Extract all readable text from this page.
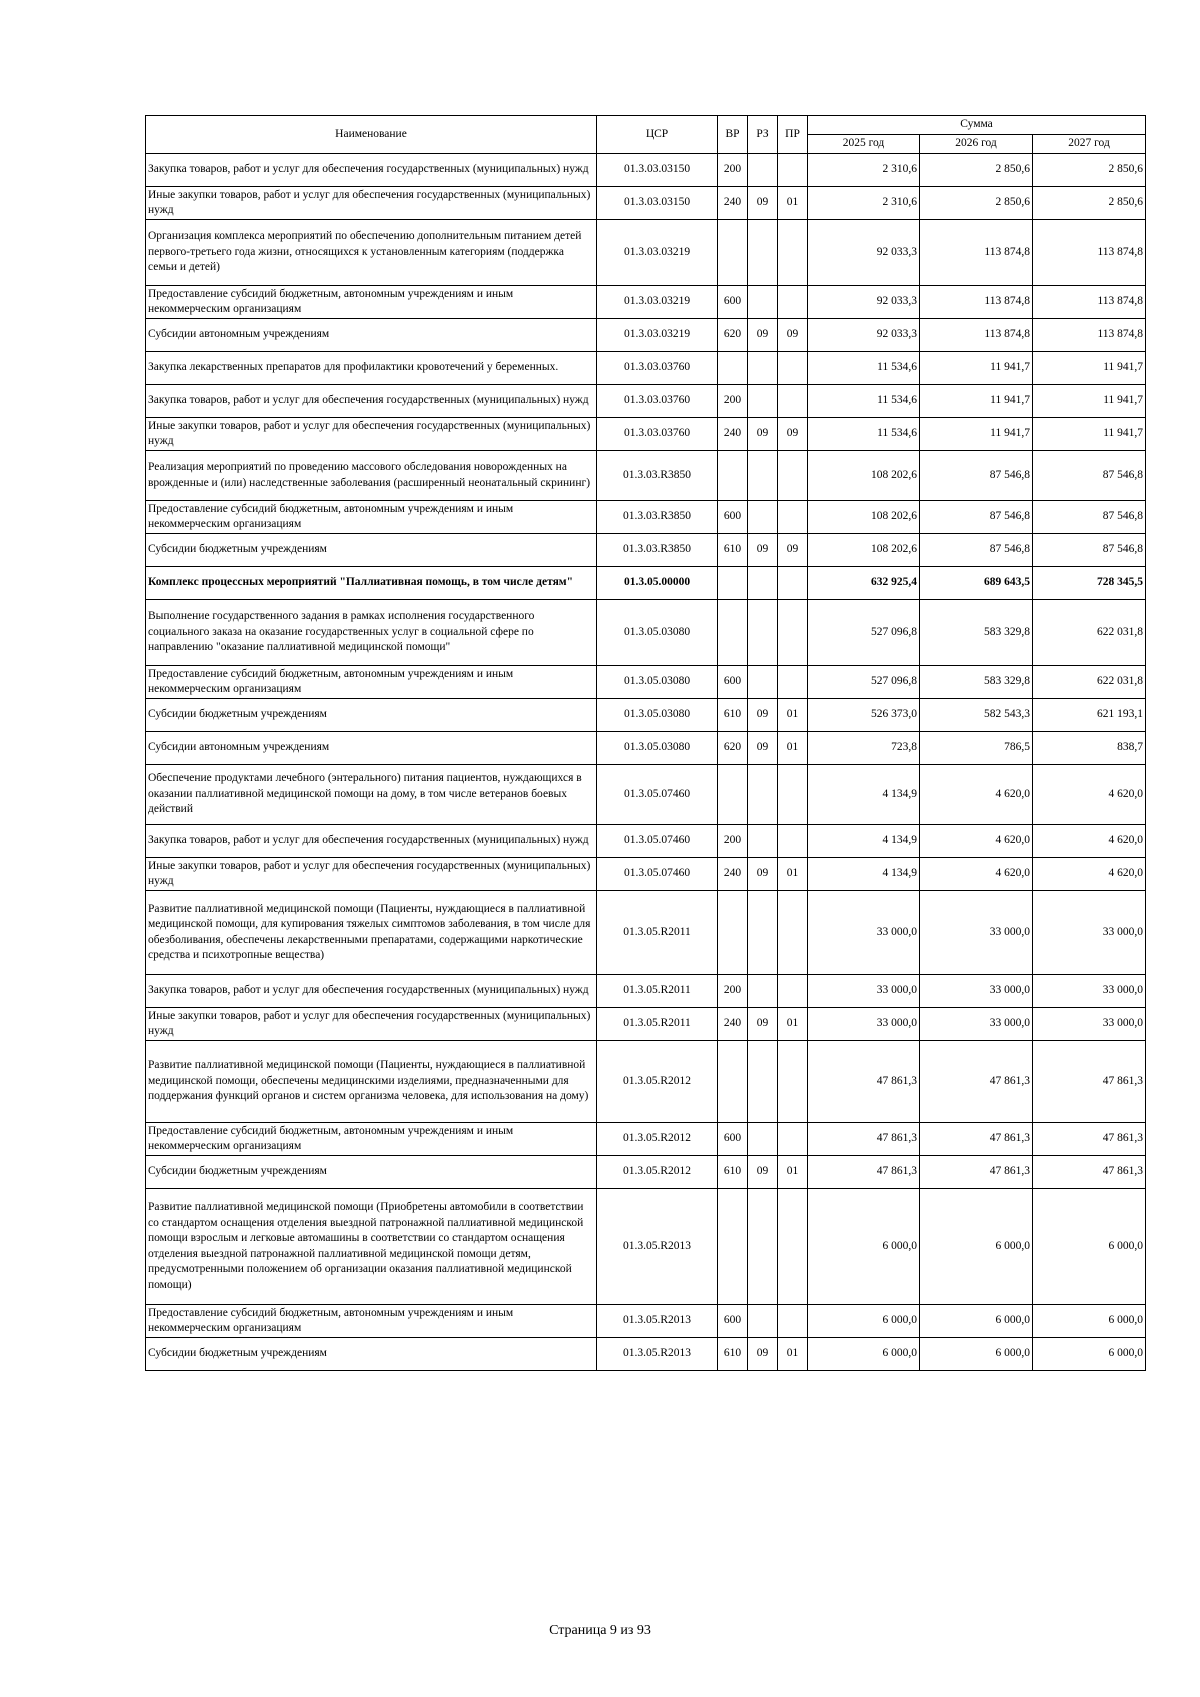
Наименование	ЦСР	ВР	РЗ	ПР	Сумма		
					2025 год	2026 год	2027 год
Закупка товаров, работ и услуг для обеспечения государственных (муниципальных) нужд	01.3.03.03150	200			2 310,6	2 850,6	2 850,6
Иные закупки товаров, работ и услуг для обеспечения государственных (муниципальных) нужд	01.3.03.03150	240	09	01	2 310,6	2 850,6	2 850,6
Организация комплекса мероприятий по обеспечению дополнительным питанием детей первого-третьего года жизни, относящихся к установленным категориям (поддержка семьи и детей)	01.3.03.03219				92 033,3	113 874,8	113 874,8
Предоставление субсидий бюджетным, автономным учреждениям и иным некоммерческим организациям	01.3.03.03219	600			92 033,3	113 874,8	113 874,8
Субсидии автономным учреждениям	01.3.03.03219	620	09	09	92 033,3	113 874,8	113 874,8
Закупка лекарственных препаратов для профилактики кровотечений у беременных.	01.3.03.03760				11 534,6	11 941,7	11 941,7
Закупка товаров, работ и услуг для обеспечения государственных (муниципальных) нужд	01.3.03.03760	200			11 534,6	11 941,7	11 941,7
Иные закупки товаров, работ и услуг для обеспечения государственных (муниципальных) нужд	01.3.03.03760	240	09	09	11 534,6	11 941,7	11 941,7
Реализация мероприятий по проведению массового обследования новорожденных на врожденные и (или) наследственные заболевания (расширенный неонатальный скрининг)	01.3.03.R3850				108 202,6	87 546,8	87 546,8
Предоставление субсидий бюджетным, автономным учреждениям и иным некоммерческим организациям	01.3.03.R3850	600			108 202,6	87 546,8	87 546,8
Субсидии бюджетным учреждениям	01.3.03.R3850	610	09	09	108 202,6	87 546,8	87 546,8
Комплекс процессных мероприятий "Паллиативная помощь, в том числе детям"	01.3.05.00000				632 925,4	689 643,5	728 345,5
Выполнение государственного задания в рамках исполнения государственного социального заказа на оказание государственных услуг в социальной сфере по направлению "оказание паллиативной медицинской помощи"	01.3.05.03080				527 096,8	583 329,8	622 031,8
Предоставление субсидий бюджетным, автономным учреждениям и иным некоммерческим организациям	01.3.05.03080	600			527 096,8	583 329,8	622 031,8
Субсидии бюджетным учреждениям	01.3.05.03080	610	09	01	526 373,0	582 543,3	621 193,1
Субсидии автономным учреждениям	01.3.05.03080	620	09	01	723,8	786,5	838,7
Обеспечение продуктами лечебного (энтерального) питания пациентов, нуждающихся в оказании паллиативной медицинской помощи на дому, в том числе ветеранов боевых действий	01.3.05.07460				4 134,9	4 620,0	4 620,0
Закупка товаров, работ и услуг для обеспечения государственных (муниципальных) нужд	01.3.05.07460	200			4 134,9	4 620,0	4 620,0
Иные закупки товаров, работ и услуг для обеспечения государственных (муниципальных) нужд	01.3.05.07460	240	09	01	4 134,9	4 620,0	4 620,0
Развитие паллиативной медицинской помощи (Пациенты, нуждающиеся в паллиативной медицинской помощи, для купирования тяжелых симптомов заболевания, в том числе для обезболивания, обеспечены лекарственными препаратами, содержащими наркотические средства и психотропные вещества)	01.3.05.R2011				33 000,0	33 000,0	33 000,0
Закупка товаров, работ и услуг для обеспечения государственных (муниципальных) нужд	01.3.05.R2011	200			33 000,0	33 000,0	33 000,0
Иные закупки товаров, работ и услуг для обеспечения государственных (муниципальных) нужд	01.3.05.R2011	240	09	01	33 000,0	33 000,0	33 000,0
Развитие паллиативной медицинской помощи (Пациенты, нуждающиеся в паллиативной медицинской помощи, обеспечены медицинскими изделиями, предназначенными для поддержания функций органов и систем организма человека, для использования на дому)	01.3.05.R2012				47 861,3	47 861,3	47 861,3
Предоставление субсидий бюджетным, автономным учреждениям и иным некоммерческим организациям	01.3.05.R2012	600			47 861,3	47 861,3	47 861,3
Субсидии бюджетным учреждениям	01.3.05.R2012	610	09	01	47 861,3	47 861,3	47 861,3
Развитие паллиативной медицинской помощи (Приобретены автомобили в соответствии со стандартом оснащения отделения выездной патронажной паллиативной медицинской помощи взрослым и легковые автомашины в соответствии со стандартом оснащения отделения выездной патронажной паллиативной медицинской помощи детям, предусмотренными положением об организации оказания паллиативной медицинской помощи)	01.3.05.R2013				6 000,0	6 000,0	6 000,0
Предоставление субсидий бюджетным, автономным учреждениям и иным некоммерческим организациям	01.3.05.R2013	600			6 000,0	6 000,0	6 000,0
Субсидии бюджетным учреждениям	01.3.05.R2013	610	09	01	6 000,0	6 000,0	6 000,0
Страница 9 из 93
